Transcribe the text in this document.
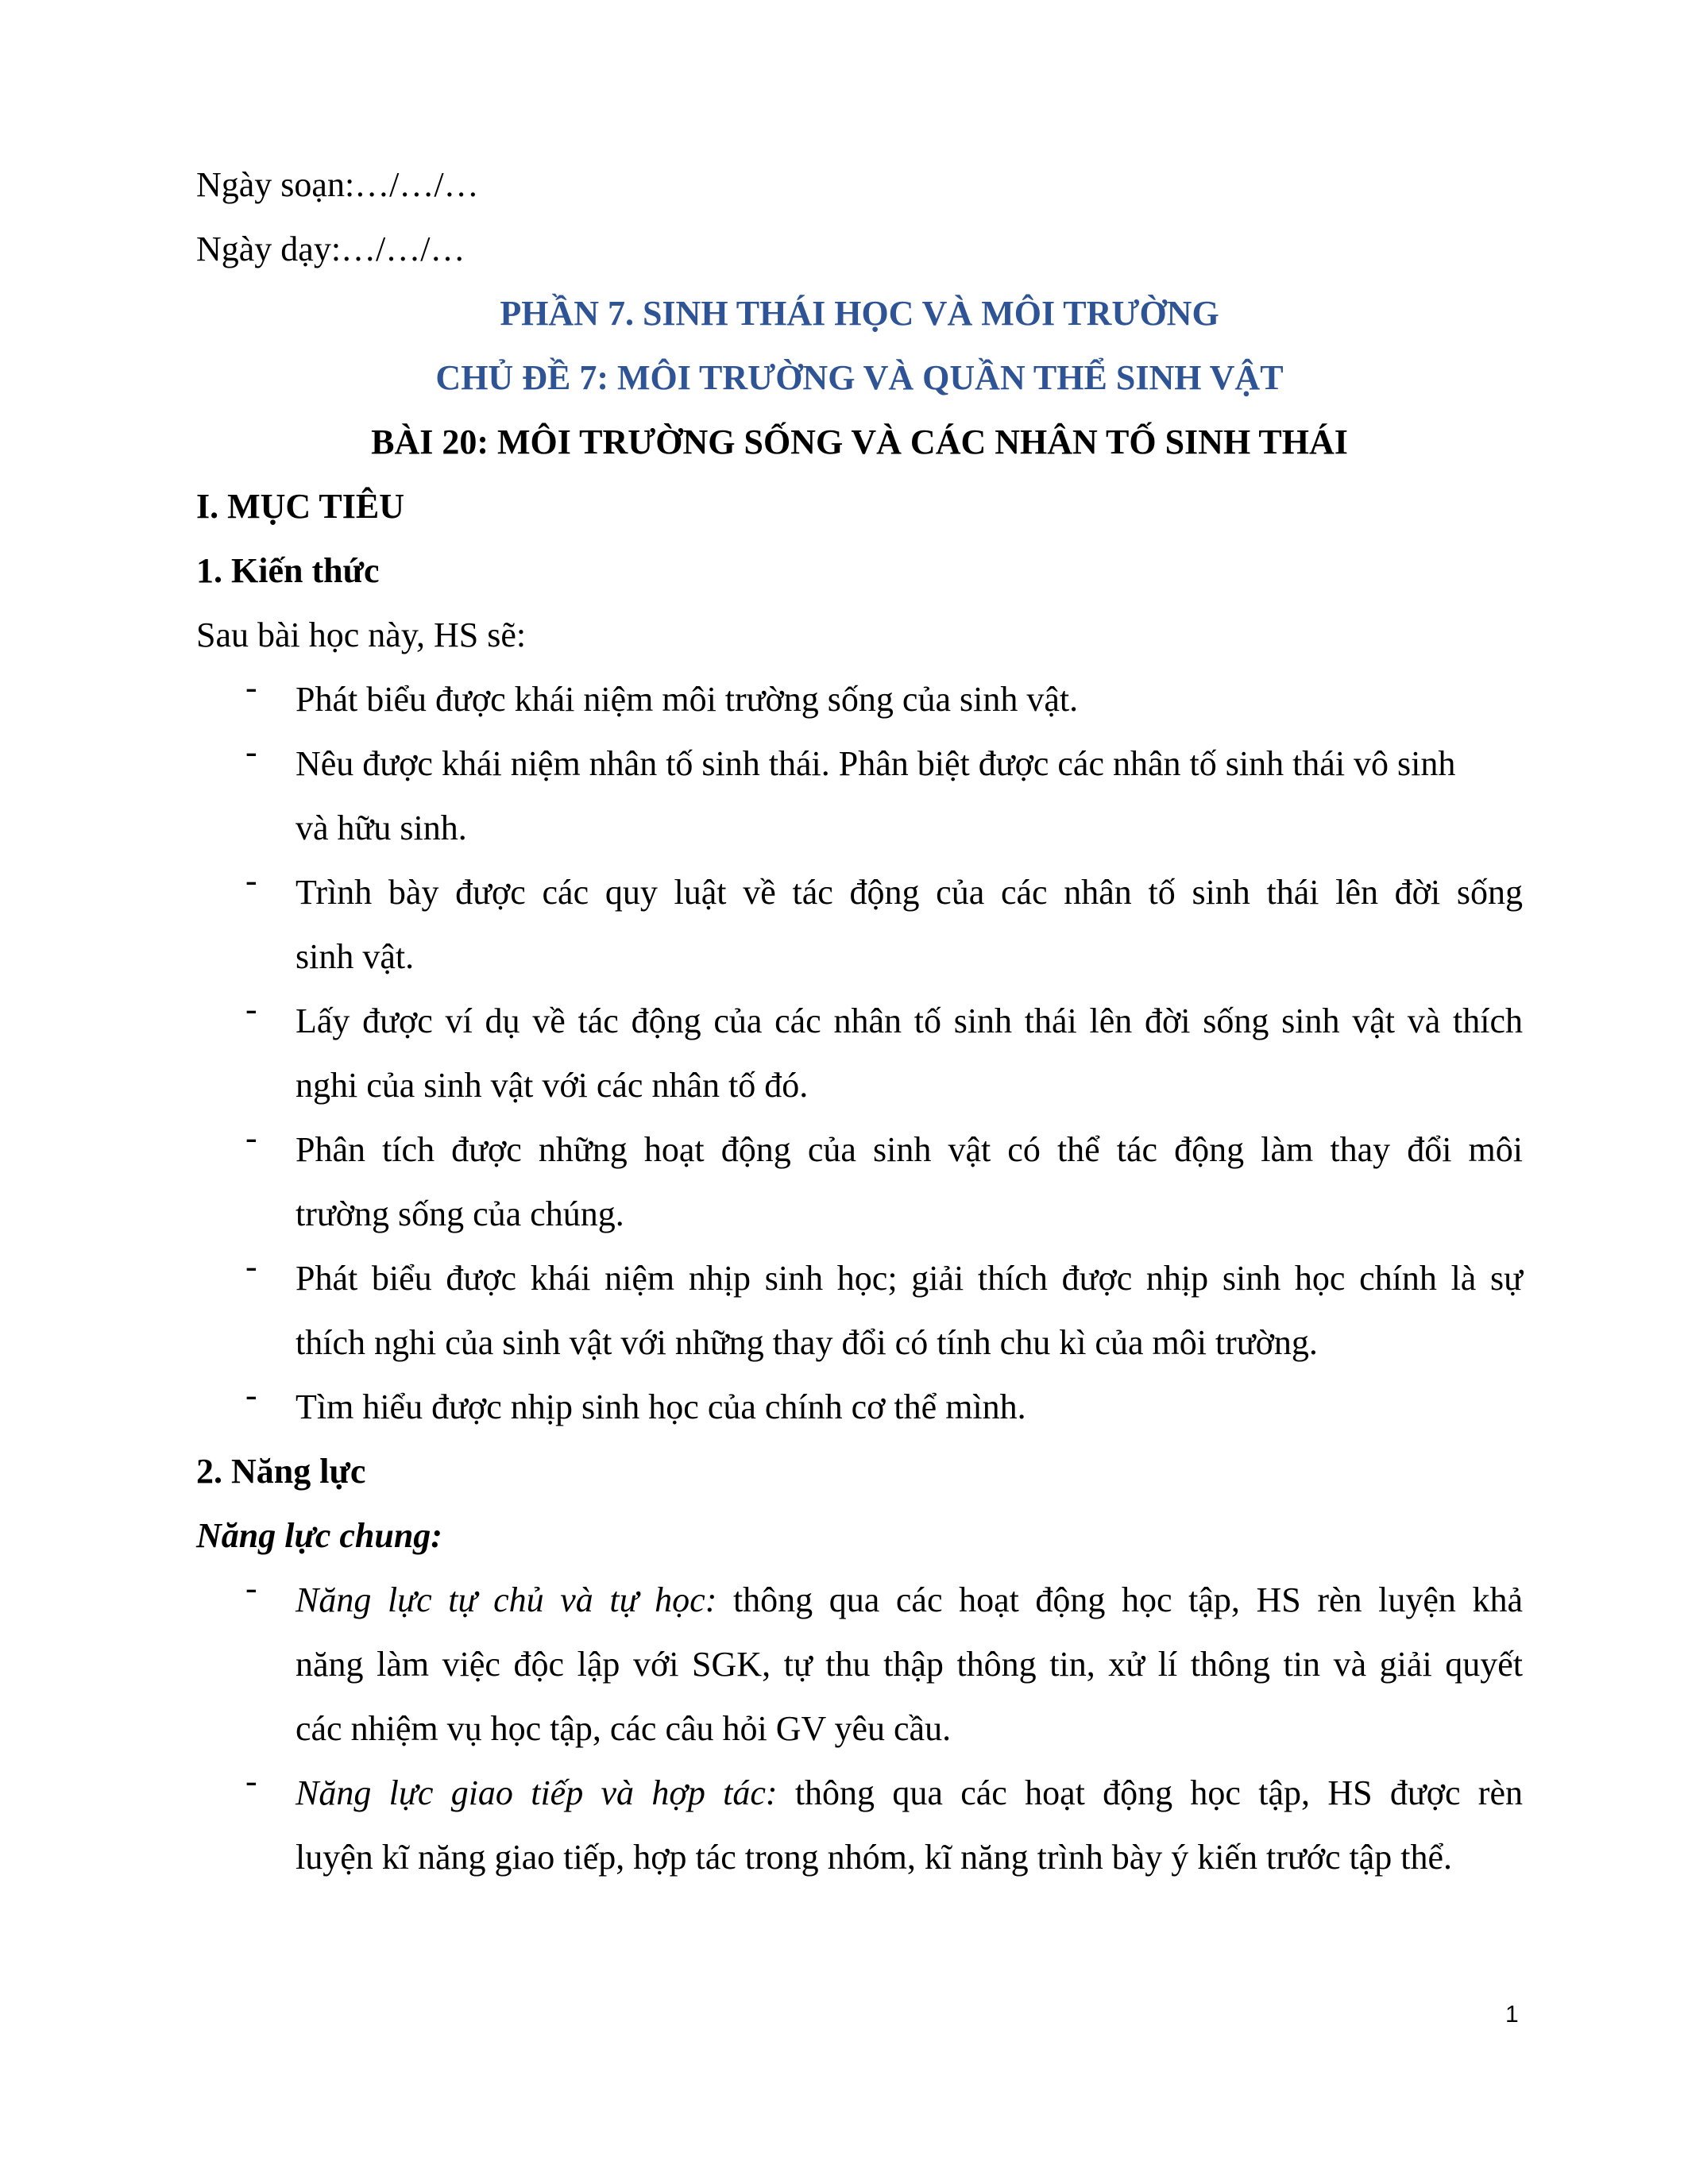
Ngày soạn:…/…/…
Ngày dạy:…/…/…
PHẦN 7. SINH THÁI HỌC VÀ MÔI TRƯỜNG
CHỦ ĐỀ 7: MÔI TRƯỜNG VÀ QUẦN THỂ SINH VẬT
BÀI 20: MÔI TRƯỜNG SỐNG VÀ CÁC NHÂN TỐ SINH THÁI
I. MỤC TIÊU
1. Kiến thức
Sau bài học này, HS sẽ:
- Phát biểu được khái niệm môi trường sống của sinh vật.
- Nêu được khái niệm nhân tố sinh thái. Phân biệt được các nhân tố sinh thái vô sinh
và hữu sinh.
- Trình bày được các quy luật về tác động của các nhân tố sinh thái lên đời sống
sinh vật.
- Lấy được ví dụ về tác động của các nhân tố sinh thái lên đời sống sinh vật và thích
nghi của sinh vật với các nhân tố đó.
- Phân tích được những hoạt động của sinh vật có thể tác động làm thay đổi môi
trường sống của chúng.
- Phát biểu được khái niệm nhịp sinh học; giải thích được nhịp sinh học chính là sự
thích nghi của sinh vật với những thay đổi có tính chu kì của môi trường.
- Tìm hiểu được nhịp sinh học của chính cơ thể mình.
2. Năng lực
Năng lực chung:
- Năng lực tự chủ và tự học: thông qua các hoạt động học tập, HS rèn luyện khả
năng làm việc độc lập với SGK, tự thu thập thông tin, xử lí thông tin và giải quyết
các nhiệm vụ học tập, các câu hỏi GV yêu cầu.
- Năng lực giao tiếp và hợp tác: thông qua các hoạt động học tập, HS được rèn
luyện kĩ năng giao tiếp, hợp tác trong nhóm, kĩ năng trình bày ý kiến trước tập thể.
1
